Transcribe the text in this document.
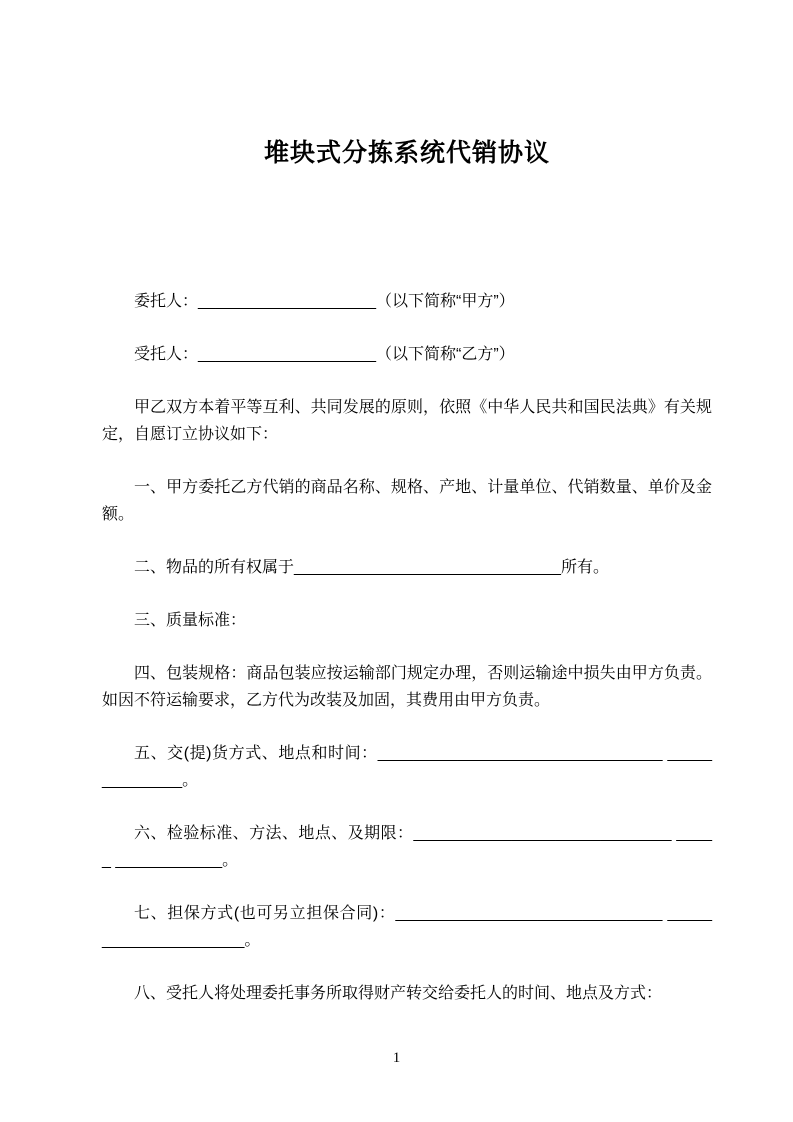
堆块式分拣系统代销协议

委托人：____________________（以下简称“甲方”）

受托人：____________________（以下简称“乙方”）

甲乙双方本着平等互利、共同发展的原则，依照《中华人民共和国民法典》有关规定，自愿订立协议如下：

一、甲方委托乙方代销的商品名称、规格、产地、计量单位、代销数量、单价及金额。

二、物品的所有权属于______________________________所有。

三、质量标准：

四、包装规格：商品包装应按运输部门规定办理，否则运输途中损失由甲方负责。如因不符运输要求，乙方代为改装及加固，其费用由甲方负责。

五、交(提)货方式、地点和时间：________________________________ _____ _________。

六、检验标准、方法、地点、及期限：_____________________________ _____ ____________。

七、担保方式(也可另立担保合同)：______________________________ _____ ________________。

八、受托人将处理委托事务所取得财产转交给委托人的时间、地点及方式：

1
